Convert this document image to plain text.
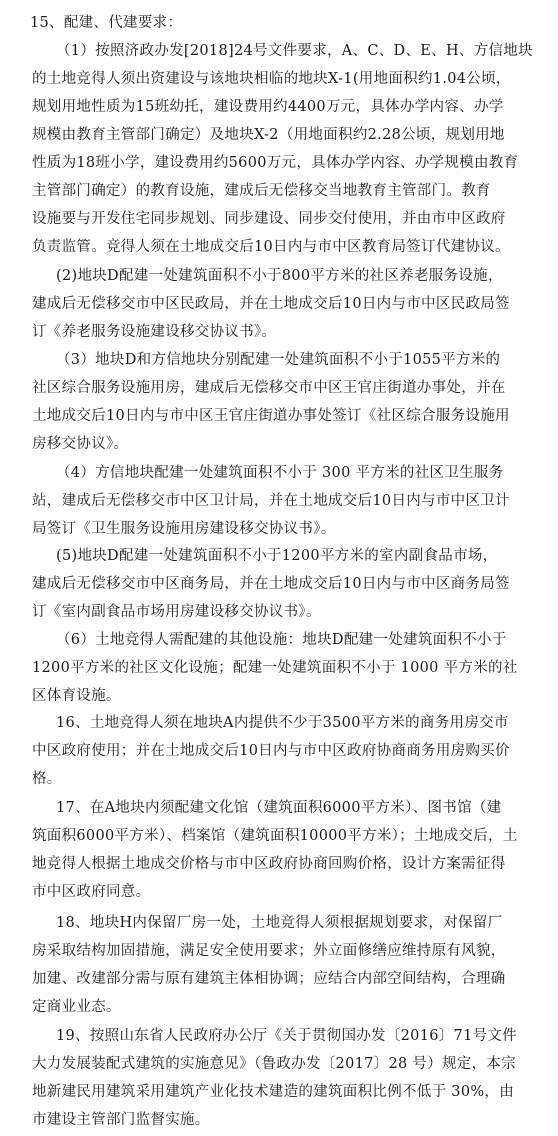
15、配建、代建要求：
（1）按照济政办发[2018]24号文件要求，A、C、D、E、H、方信地块
的土地竞得人须出资建设与该地块相临的地块X-1(用地面积约1.04公顷，
规划用地性质为15班幼托，建设费用约4400万元，具体办学内容、办学
规模由教育主管部门确定）及地块X-2（用地面积约2.28公顷，规划用地
性质为18班小学，建设费用约5600万元，具体办学内容、办学规模由教育
主管部门确定）的教育设施，建成后无偿移交当地教育主管部门。教育
设施要与开发住宅同步规划、同步建设、同步交付使用，并由市中区政府
负责监管。竞得人须在土地成交后10日内与市中区教育局签订代建协议。
(2)地块D配建一处建筑面积不小于800平方米的社区养老服务设施，
建成后无偿移交市中区民政局，并在土地成交后10日内与市中区民政局签
订《养老服务设施建设移交协议书》。
（3）地块D和方信地块分别配建一处建筑面积不小于1055平方米的
社区综合服务设施用房，建成后无偿移交市中区王官庄街道办事处，并在
土地成交后10日内与市中区王官庄街道办事处签订《社区综合服务设施用
房移交协议》。
（4）方信地块配建一处建筑面积不小于 300 平方米的社区卫生服务
站，建成后无偿移交市中区卫计局，并在土地成交后10日内与市中区卫计
局签订《卫生服务设施用房建设移交协议书》。
(5)地块D配建一处建筑面积不小于1200平方米的室内副食品市场，
建成后无偿移交市中区商务局，并在土地成交后10日内与市中区商务局签
订《室内副食品市场用房建设移交协议书》。
（6）土地竞得人需配建的其他设施：地块D配建一处建筑面积不小于
1200平方米的社区文化设施；配建一处建筑面积不小于 1000 平方米的社
区体育设施。
16、土地竞得人须在地块A内提供不少于3500平方米的商务用房交市
中区政府使用；并在土地成交后10日内与市中区政府协商商务用房购买价
格。
17、在A地块内须配建文化馆（建筑面积6000平方米）、图书馆（建
筑面积6000平方米）、档案馆（建筑面积10000平方米）；土地成交后，土
地竞得人根据土地成交价格与市中区政府协商回购价格，设计方案需征得
市中区政府同意。
18、地块H内保留厂房一处，土地竞得人须根据规划要求，对保留厂
房采取结构加固措施，满足安全使用要求；外立面修缮应维持原有风貌，
加建、改建部分需与原有建筑主体相协调；应结合内部空间结构，合理确
定商业业态。
19、按照山东省人民政府办公厅《关于贯彻国办发〔2016〕71号文件
大力发展装配式建筑的实施意见》（鲁政办发〔2017〕28 号）规定，本宗
地新建民用建筑采用建筑产业化技术建造的建筑面积比例不低于 30%，由
市建设主管部门监督实施。
